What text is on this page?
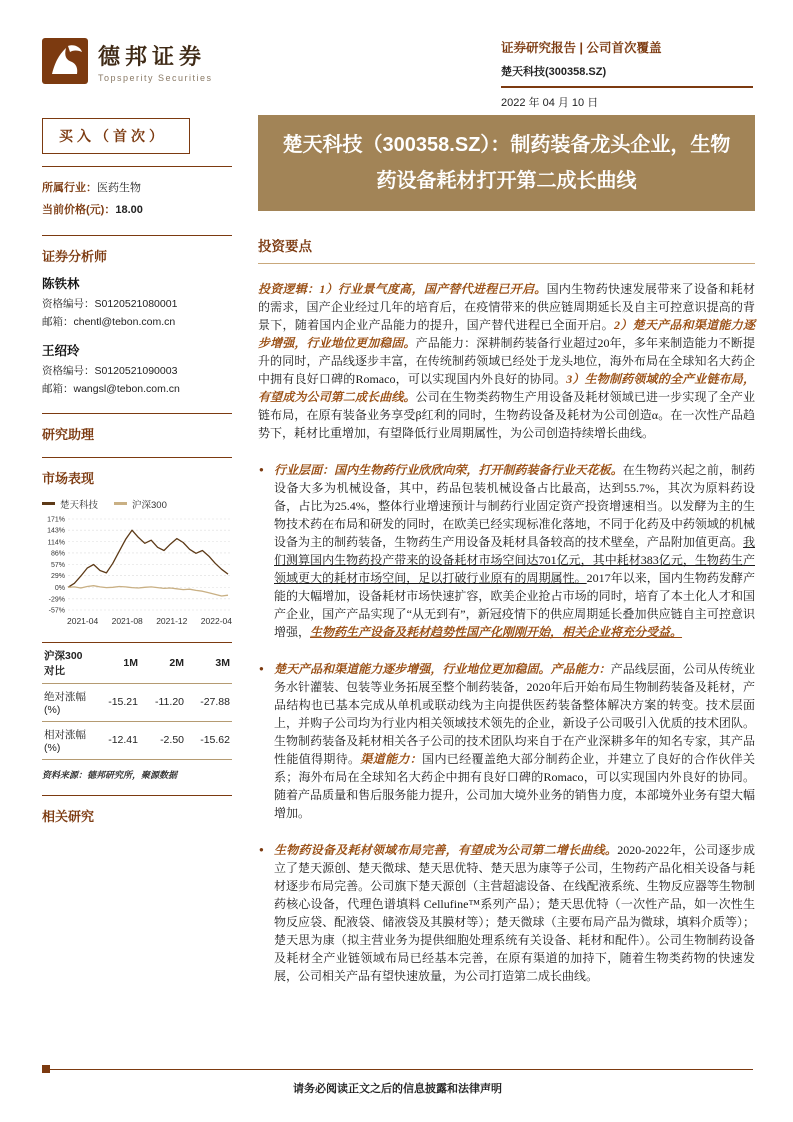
德邦证券
Topsperity Securities
证券研究报告 | 公司首次覆盖
楚天科技(300358.SZ)
2022 年 04 月 10 日
买入（首次）
所属行业：医药生物
当前价格(元)：18.00
证券分析师
陈铁林
资格编号：S0120521080001
邮箱：chentl@tebon.com.cn
王绍玲
资格编号：S0120521090003
邮箱：wangsl@tebon.com.cn
研究助理
市场表现
楚天科技	沪深300
171%
143%
114%
86%
57%
29%
0%
-29%
-57%
2021-04 2021-08 2021-12 2022-04
沪深300对比	1M	2M	3M
绝对涨幅(%)	-15.21	-11.20	-27.88
相对涨幅(%)	-12.41	-2.50	-15.62
资料来源：德邦研究所，聚源数据
相关研究
楚天科技（300358.SZ）：制药装备龙头企业，生物药设备耗材打开第二成长曲线
投资要点
投资逻辑：1）行业景气度高，国产替代进程已开启。国内生物药快速发展带来了设备和耗材的需求，国产企业经过几年的培育后，在疫情带来的供应链周期延长及自主可控意识提高的背景下，随着国内企业产品能力的提升，国产替代进程已全面开启。2）楚天产品和渠道能力逐步增强，行业地位更加稳固。产品能力：深耕制药装备行业超过20年，多年来制造能力不断提升的同时，产品线逐步丰富，在传统制药领域已经处于龙头地位，海外布局在全球知名大药企中拥有良好口碑的Romaco，可以实现国内外良好的协同。3）生物制药领域的全产业链布局，有望成为公司第二成长曲线。公司在生物类药物生产用设备及耗材领域已进一步实现了全产业链布局，在原有装备业务享受β红利的同时，生物药设备及耗材为公司创造α。在一次性产品趋势下，耗材比重增加，有望降低行业周期属性，为公司创造持续增长曲线。
● 行业层面：国内生物药行业欣欣向荣，打开制药装备行业天花板。在生物药兴起之前，制药设备大多为机械设备，其中，药品包装机械设备占比最高，达到55.7%，其次为原料药设备，占比为25.4%，整体行业增速预计与制药行业固定资产投资增速相当。以发酵为主的生物技术药在布局和研发的同时，在欧美已经实现标准化落地，不同于化药及中药领域的机械设备为主的制药装备，生物药生产用设备及耗材具备较高的技术壁垒，产品附加值更高。我们测算国内生物药投产带来的设备耗材市场空间达701亿元，其中耗材383亿元，生物药生产领域更大的耗材市场空间，足以打破行业原有的周期属性。2017年以来，国内生物药发酵产能的大幅增加，设备耗材市场快速扩容，欧美企业抢占市场的同时，培育了本土化人才和国产企业，国产产品实现了“从无到有”，新冠疫情下的供应周期延长叠加供应链自主可控意识增强，生物药生产设备及耗材趋势性国产化刚刚开始，相关企业将充分受益。
● 楚天产品和渠道能力逐步增强，行业地位更加稳固。产品能力：产品线层面，公司从传统业务水针灌装、包装等业务拓展至整个制药装备，2020年后开始布局生物制药装备及耗材，产品结构也已基本完成从单机或联动线为主向提供医药装备整体解决方案的转变。技术层面上，并购子公司均为行业内相关领域技术领先的企业，新设子公司吸引入优质的技术团队。生物制药装备及耗材相关各子公司的技术团队均来自于在产业深耕多年的知名专家，其产品性能值得期待。渠道能力：国内已经覆盖绝大部分制药企业，并建立了良好的合作伙伴关系；海外布局在全球知名大药企中拥有良好口碑的Romaco，可以实现国内外良好的协同。随着产品质量和售后服务能力提升，公司加大境外业务的销售力度，本部境外业务有望大幅增加。
● 生物药设备及耗材领域布局完善，有望成为公司第二增长曲线。2020-2022年，公司逐步成立了楚天源创、楚天微球、楚天思优特、楚天思为康等子公司，生物药产品化相关设备与耗材逐步布局完善。公司旗下楚天源创（主营超滤设备、在线配液系统、生物反应器等生物制药核心设备，代理色谱填料 Cellufine™系列产品）；楚天思优特（一次性产品，如一次性生物反应袋、配液袋、储液袋及其膜材等）；楚天微球（主要布局产品为微球，填料介质等）；楚天思为康（拟主营业务为提供细胞处理系统有关设备、耗材和配件）。公司生物制药设备及耗材全产业链领域布局已经基本完善，在原有渠道的加持下，随着生物类药物的快速发展，公司相关产品有望快速放量，为公司打造第二成长曲线。
请务必阅读正文之后的信息披露和法律声明
